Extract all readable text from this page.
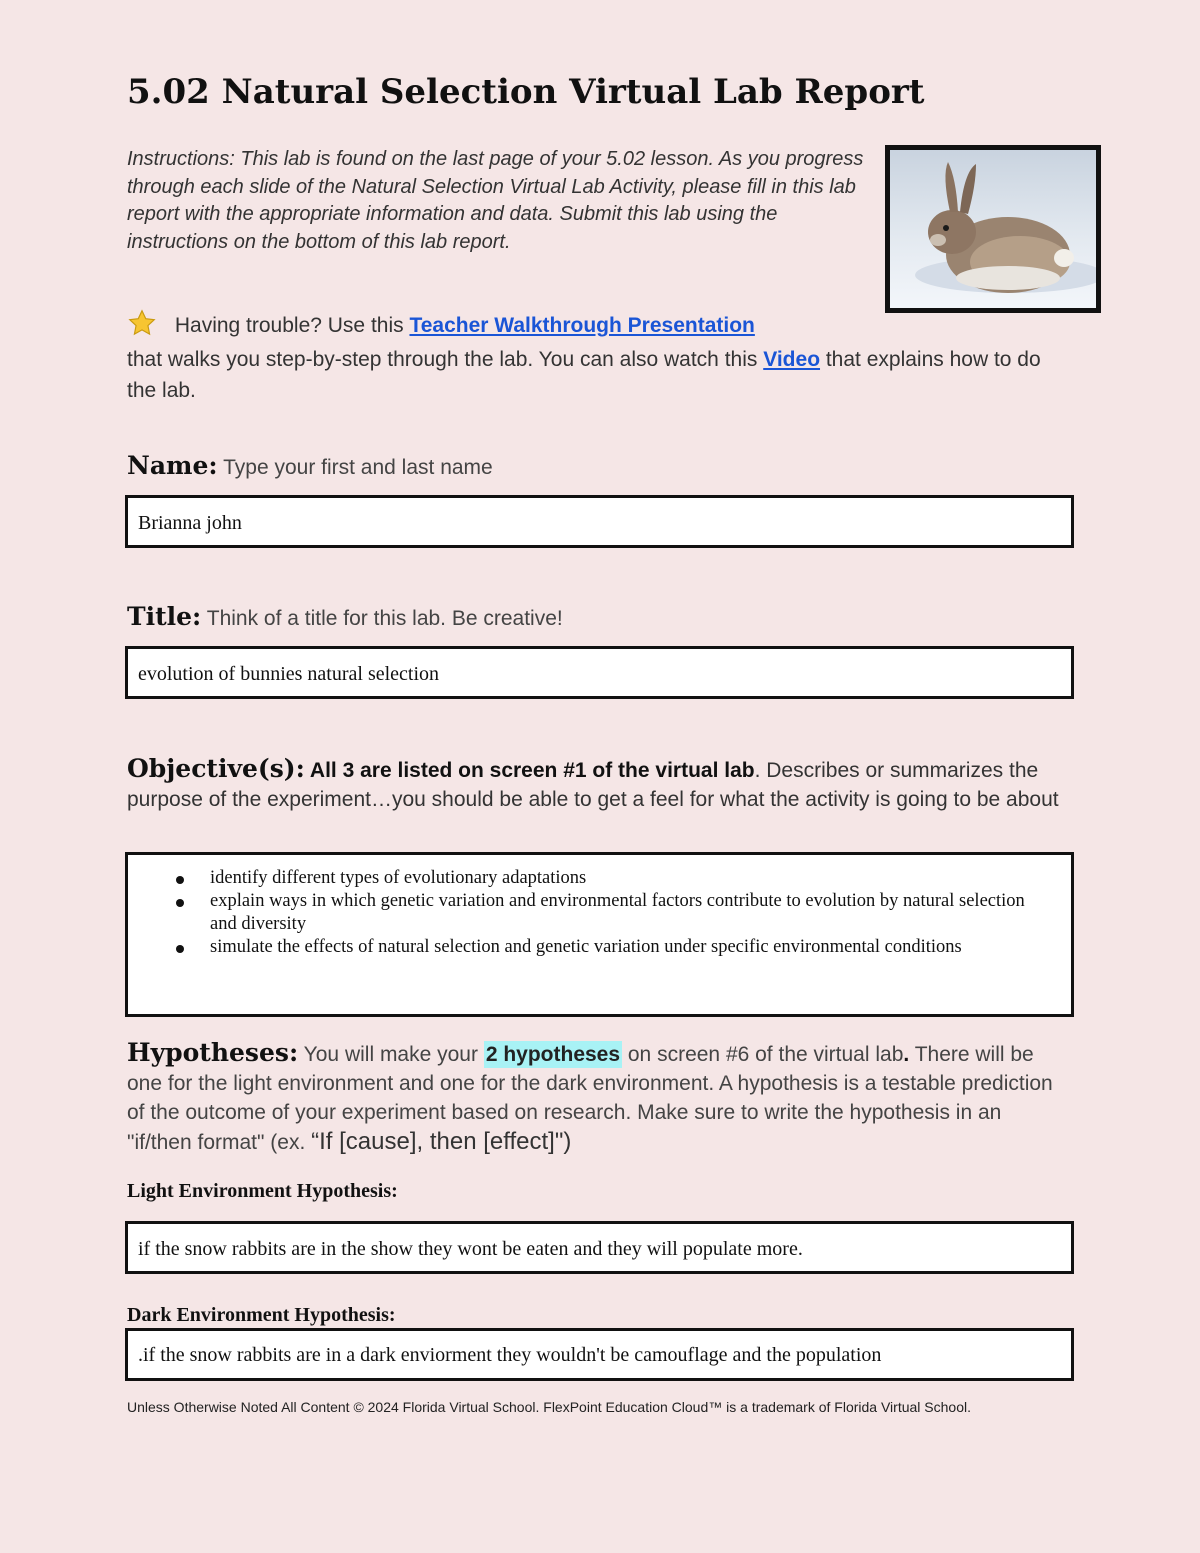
5.02 Natural Selection Virtual Lab Report
Instructions: This lab is found on the last page of your 5.02 lesson. As you progress through each slide of the Natural Selection Virtual Lab Activity, please fill in this lab report with the appropriate information and data. Submit this lab using the instructions on the bottom of this lab report.
Having trouble? Use this Teacher Walkthrough Presentation
that walks you step-by-step through the lab. You can also watch this Video that explains how to do the lab.
Name: Type your first and last name
Brianna john
Title: Think of a title for this lab. Be creative!
evolution of bunnies natural selection
Objective(s): All 3 are listed on screen #1 of the virtual lab. Describes or summarizes the purpose of the experiment…you should be able to get a feel for what the activity is going to be about
identify different types of evolutionary adaptations
explain ways in which genetic variation and environmental factors contribute to evolution by natural selection and diversity
simulate the effects of natural selection and genetic variation under specific environmental conditions
Hypotheses: You will make your 2 hypotheses on screen #6 of the virtual lab. There will be one for the light environment and one for the dark environment. A hypothesis is a testable prediction of the outcome of your experiment based on research. Make sure to write the hypothesis in an "if/then format" (ex. “If [cause], then [effect]")
Light Environment Hypothesis:
if the snow rabbits are in the show they wont be eaten and they will populate more.
Dark Environment Hypothesis:
.if the snow rabbits are in a dark enviorment they wouldn't be camouflage and the population
Unless Otherwise Noted All Content © 2024 Florida Virtual School. FlexPoint Education Cloud™ is a trademark of Florida Virtual School.
